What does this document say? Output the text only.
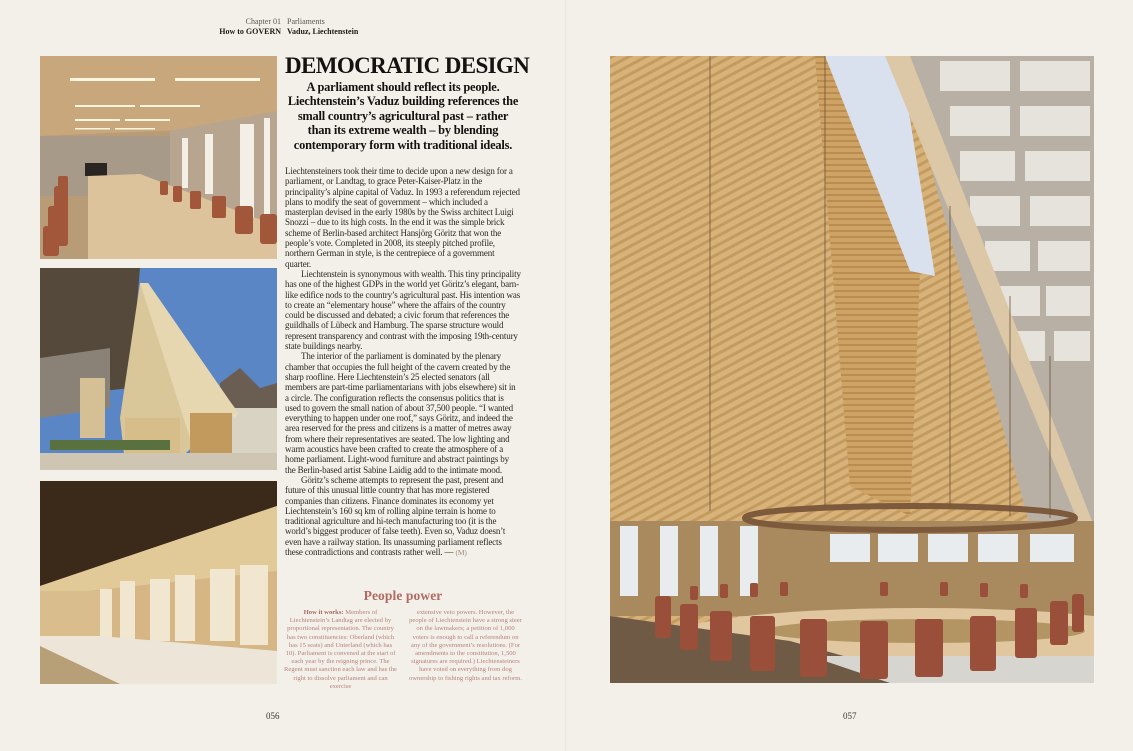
Chapter 01
How to GOVERN
Parliaments
Vaduz, Liechtenstein
DEMOCRATIC DESIGN

A parliament should reflect its people. Liechtenstein’s Vaduz building references the small country’s agricultural past – rather than its extreme wealth – by blending contemporary form with traditional ideals.

Liechtensteiners took their time to decide upon a new design for a parliament, or Landtag, to grace Peter-Kaiser-Platz in the principality’s alpine capital of Vaduz. In 1993 a referendum rejected plans to modify the seat of government – which included a masterplan devised in the early 1980s by the Swiss architect Luigi Snozzi – due to its high costs. In the end it was the simple brick scheme of Berlin-based architect Hansjörg Göritz that won the people’s vote. Completed in 2008, its steeply pitched profile, northern German in style, is the centrepiece of a government quarter.

Liechtenstein is synonymous with wealth. This tiny principality has one of the highest GDPs in the world yet Göritz’s elegant, barn-like edifice nods to the country’s agricultural past. His intention was to create an “elementary house” where the affairs of the country could be discussed and debated; a civic forum that references the guildhalls of Lübeck and Hamburg. The sparse structure would represent transparency and contrast with the imposing 19th-century state buildings nearby.

The interior of the parliament is dominated by the plenary chamber that occupies the full height of the cavern created by the sharp roofline. Here Liechtenstein’s 25 elected senators (all members are part-time parliamentarians with jobs elsewhere) sit in a circle. The configuration reflects the consensus politics that is used to govern the small nation of about 37,500 people. “I wanted everything to happen under one roof,” says Göritz, and indeed the area reserved for the press and citizens is a matter of metres away from where their representatives are seated. The low lighting and warm acoustics have been crafted to create the atmosphere of a home parliament. Light-wood furniture and abstract paintings by the Berlin-based artist Sabine Laidig add to the intimate mood.

Göritz’s scheme attempts to represent the past, present and future of this unusual little country that has more registered companies than citizens. Finance dominates its economy yet Liechtenstein’s 160 sq km of rolling alpine terrain is home to traditional agriculture and hi-tech manufacturing too (it is the world’s biggest producer of false teeth). Even so, Vaduz doesn’t even have a railway station. Its unassuming parliament reflects these contradictions and contrasts rather well. — (M)

People power
How it works: Members of Liechtenstein’s Landtag are elected by proportional representation. The country has two constituencies: Oberland (which has 15 seats) and Unterland (which has 10). Parliament is convened at the start of each year by the reigning prince. The Regent must sanction each law and has the right to dissolve parliament and can exercise
extensive veto powers. However, the people of Liechtenstein have a strong steer on the lawmakers; a petition of 1,000 voters is enough to call a referendum on any of the government’s resolutions. (For amendments to the constitution, 1,500 signatures are required.) Liechtensteiners have voted on everything from dog ownership to fishing rights and tax reform.
056	057
